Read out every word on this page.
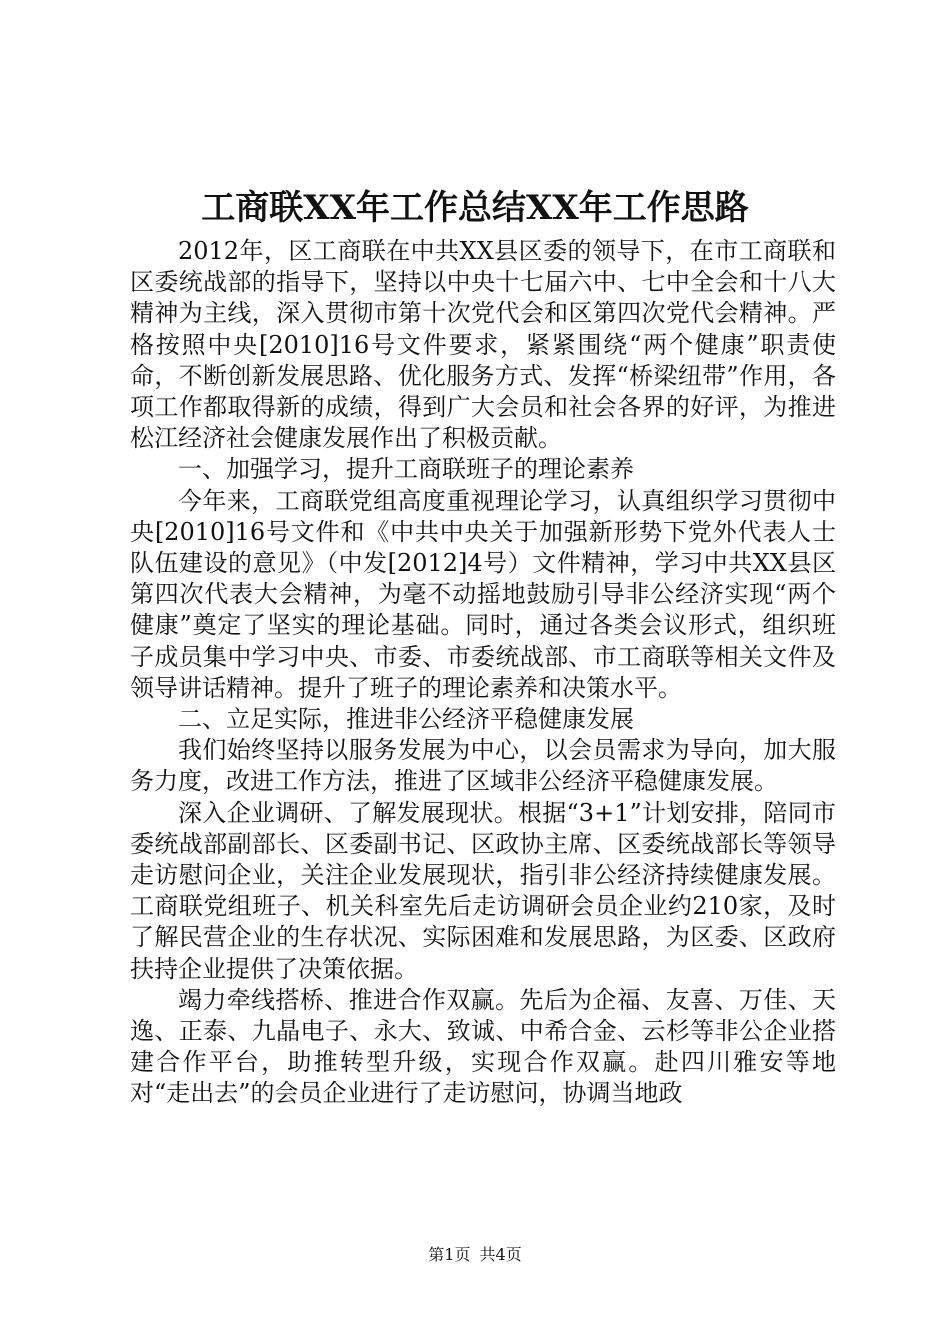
工商联XX年工作总结XX年工作思路

2012年，区工商联在中共XX县区委的领导下，在市工商联和区委统战部的指导下，坚持以中央十七届六中、七中全会和十八大精神为主线，深入贯彻市第十次党代会和区第四次党代会精神。严格按照中央[2010]16号文件要求，紧紧围绕“两个健康”职责使命，不断创新发展思路、优化服务方式、发挥“桥梁纽带”作用，各项工作都取得新的成绩，得到广大会员和社会各界的好评，为推进松江经济社会健康发展作出了积极贡献。

一、加强学习，提升工商联班子的理论素养

今年来，工商联党组高度重视理论学习，认真组织学习贯彻中央[2010]16号文件和《中共中央关于加强新形势下党外代表人士队伍建设的意见》（中发[2012]4号）文件精神，学习中共XX县区第四次代表大会精神，为毫不动摇地鼓励引导非公经济实现“两个健康”奠定了坚实的理论基础。同时，通过各类会议形式，组织班子成员集中学习中央、市委、市委统战部、市工商联等相关文件及领导讲话精神。提升了班子的理论素养和决策水平。

二、立足实际，推进非公经济平稳健康发展

我们始终坚持以服务发展为中心，以会员需求为导向，加大服务力度，改进工作方法，推进了区域非公经济平稳健康发展。

深入企业调研、了解发展现状。根据“3+1”计划安排，陪同市委统战部副部长、区委副书记、区政协主席、区委统战部长等领导走访慰问企业，关注企业发展现状，指引非公经济持续健康发展。工商联党组班子、机关科室先后走访调研会员企业约210家，及时了解民营企业的生存状况、实际困难和发展思路，为区委、区政府扶持企业提供了决策依据。

竭力牵线搭桥、推进合作双赢。先后为企福、友喜、万佳、天逸、正泰、九晶电子、永大、致诚、中希合金、云杉等非公企业搭建合作平台，助推转型升级，实现合作双赢。赴四川雅安等地对“走出去”的会员企业进行了走访慰问，协调当地政

第1页 共4页
